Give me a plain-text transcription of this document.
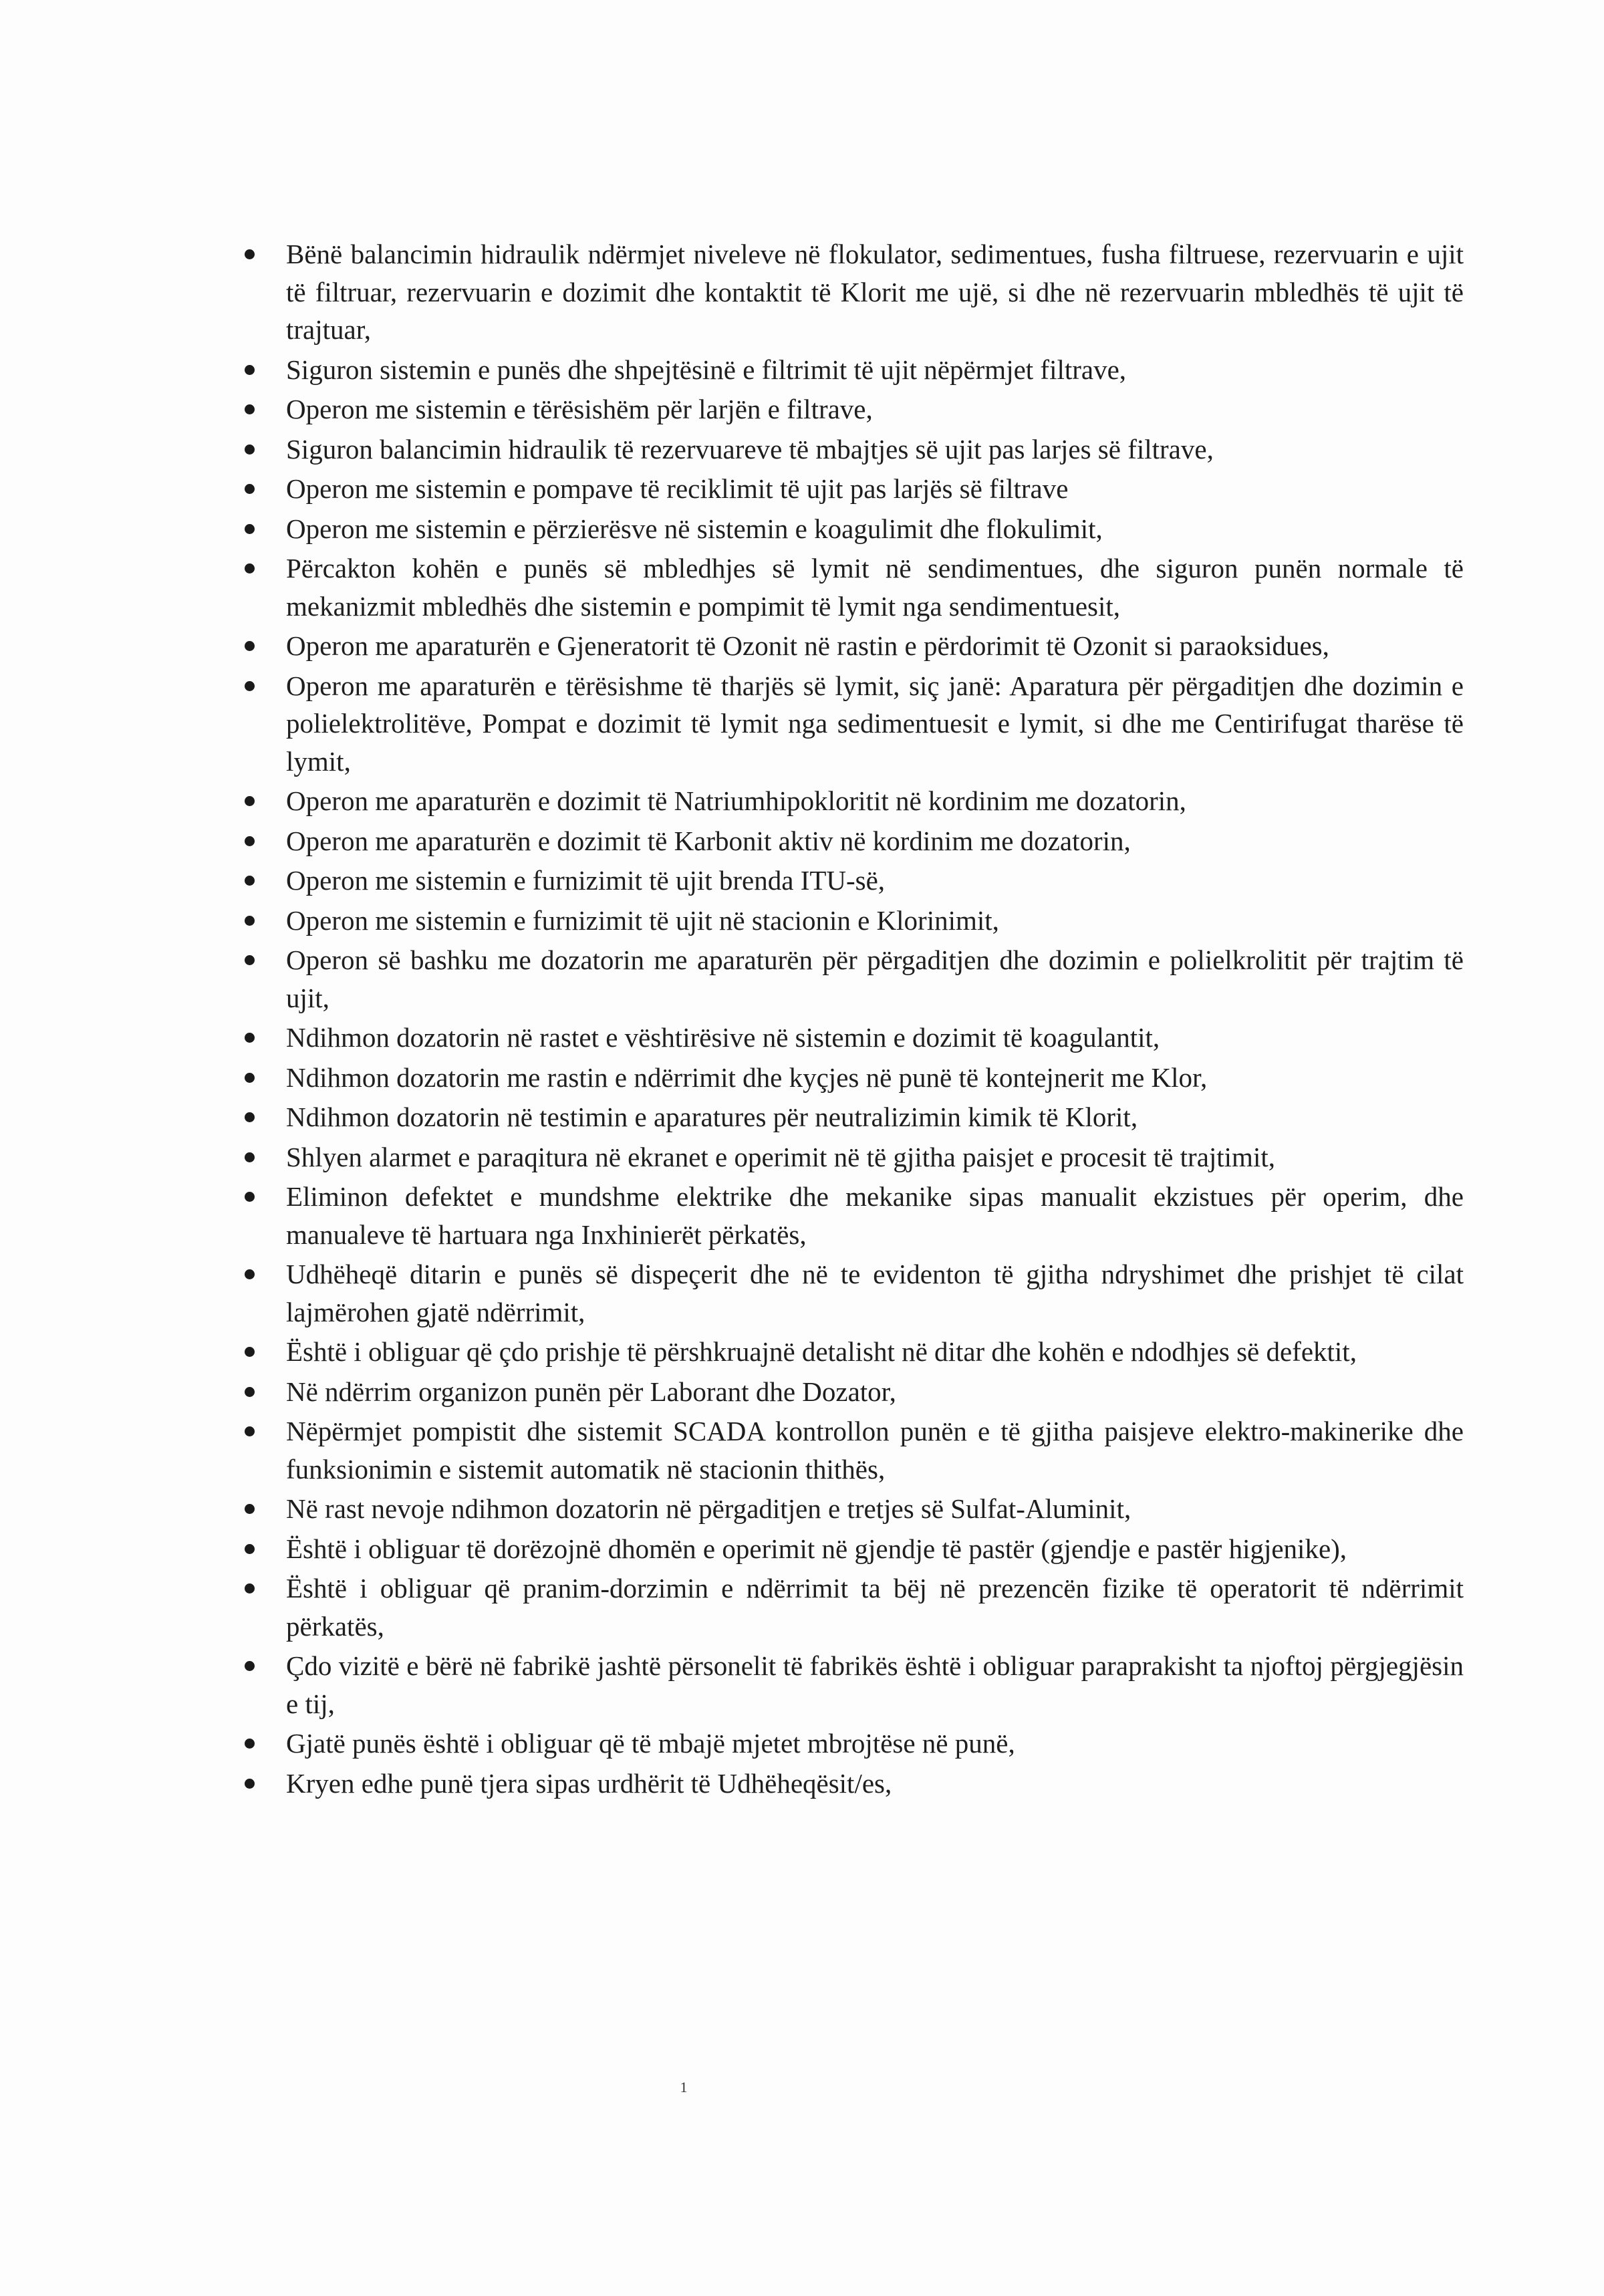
Bënë balancimin hidraulik ndërmjet niveleve në flokulator, sedimentues, fusha filtruese, rezervuarin e ujit të filtruar, rezervuarin e dozimit dhe kontaktit të Klorit me ujë, si dhe në rezervuarin mbledhës të ujit të trajtuar,
Siguron sistemin e punës dhe shpejtësinë e filtrimit të ujit nëpërmjet filtrave,
Operon me sistemin e tërësishëm për larjën e filtrave,
Siguron balancimin hidraulik të rezervuareve të mbajtjes së ujit pas larjes së filtrave,
Operon me sistemin e pompave të reciklimit të ujit pas larjës së filtrave
Operon me sistemin e përzierësve në sistemin e koagulimit dhe flokulimit,
Përcakton kohën e punës së mbledhjes së lymit në sendimentues, dhe siguron punën normale të mekanizmit mbledhës dhe sistemin e pompimit të lymit nga sendimentuesit,
Operon me aparaturën e Gjeneratorit të Ozonit në rastin e përdorimit të Ozonit si paraoksidues,
Operon me aparaturën e tërësishme të tharjës së lymit, siç janë: Aparatura për përgaditjen dhe dozimin e polielektrolitëve, Pompat e dozimit të lymit nga sedimentuesit e lymit, si dhe me Centirifugat tharëse të lymit,
Operon me aparaturën e dozimit të Natriumhipokloritit në kordinim me dozatorin,
Operon me aparaturën e dozimit të Karbonit aktiv në kordinim me dozatorin,
Operon me sistemin e furnizimit të ujit brenda ITU-së,
Operon me sistemin e furnizimit të ujit në stacionin e Klorinimit,
Operon së bashku me dozatorin me aparaturën për përgaditjen dhe dozimin e polielkrolitit për trajtim të ujit,
Ndihmon dozatorin në rastet e vështirësive në sistemin e dozimit të koagulantit,
Ndihmon dozatorin me rastin e ndërrimit dhe kyçjes në punë të kontejnerit me Klor,
Ndihmon dozatorin në testimin e aparatures për neutralizimin kimik të Klorit,
Shlyen alarmet e paraqitura në ekranet e operimit në të gjitha paisjet e procesit të trajtimit,
Eliminon defektet e mundshme elektrike dhe mekanike sipas manualit ekzistues për operim, dhe manualeve të hartuara nga Inxhinierët përkatës,
Udhëheqë ditarin e punës së dispeçerit dhe në te evidenton të gjitha ndryshimet dhe prishjet të cilat lajmërohen gjatë ndërrimit,
Është i obliguar që çdo prishje të përshkruajnë detalisht në ditar dhe kohën e ndodhjes së defektit,
Në ndërrim organizon punën për Laborant dhe Dozator,
Nëpërmjet pompistit dhe sistemit SCADA kontrollon punën e të gjitha paisjeve elektro-makinerike dhe funksionimin e sistemit automatik në stacionin thithës,
Në rast nevoje ndihmon dozatorin në përgaditjen e tretjes së Sulfat-Aluminit,
Është i obliguar të dorëzojnë dhomën e operimit në gjendje të pastër (gjendje e pastër higjenike),
Është i obliguar që pranim-dorzimin e ndërrimit ta bëj në prezencën fizike të operatorit të ndërrimit përkatës,
Çdo vizitë e bërë në fabrikë jashtë përsonelit të fabrikës është i obliguar paraprakisht ta njoftoj përgjegjësin e tij,
Gjatë punës është i obliguar që të mbajë mjetet mbrojtëse në punë,
Kryen edhe punë tjera sipas urdhërit të Udhëheqësit/es,
1
